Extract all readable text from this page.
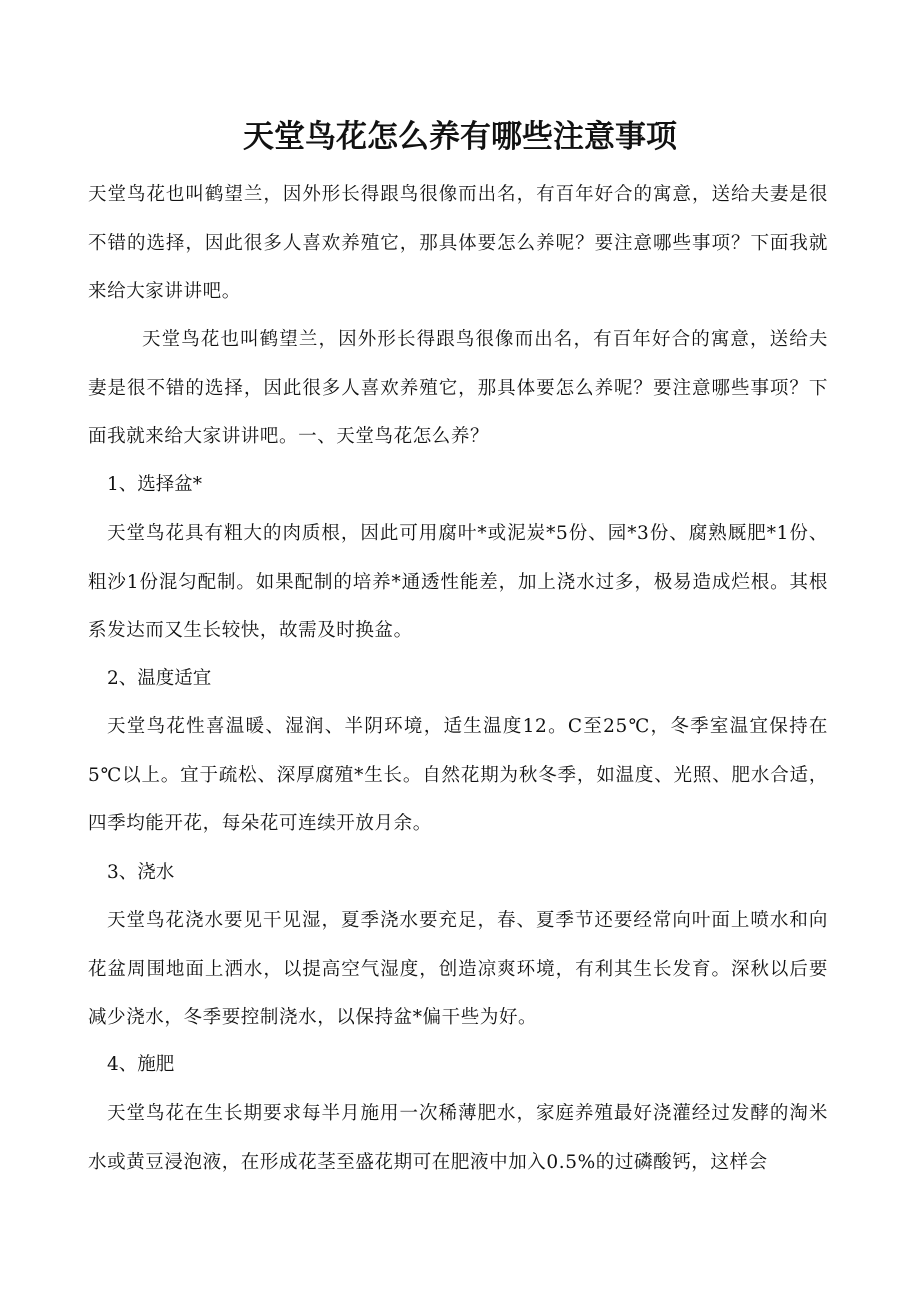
天堂鸟花怎么养有哪些注意事项
天堂鸟花也叫鹤望兰，因外形长得跟鸟很像而出名，有百年好合的寓意，送给夫妻是很不错的选择，因此很多人喜欢养殖它，那具体要怎么养呢？要注意哪些事项？下面我就来给大家讲讲吧。
天堂鸟花也叫鹤望兰，因外形长得跟鸟很像而出名，有百年好合的寓意，送给夫妻是很不错的选择，因此很多人喜欢养殖它，那具体要怎么养呢？要注意哪些事项？下面我就来给大家讲讲吧。一、天堂鸟花怎么养？
1、选择盆*
天堂鸟花具有粗大的肉质根，因此可用腐叶*或泥炭*5份、园*3份、腐熟厩肥*1份、粗沙1份混匀配制。如果配制的培养*通透性能差，加上浇水过多，极易造成烂根。其根系发达而又生长较快，故需及时换盆。
2、温度适宜
天堂鸟花性喜温暖、湿润、半阴环境，适生温度12。C至25℃，冬季室温宜保持在5℃以上。宜于疏松、深厚腐殖*生长。自然花期为秋冬季，如温度、光照、肥水合适，四季均能开花，每朵花可连续开放月余。
3、浇水
天堂鸟花浇水要见干见湿，夏季浇水要充足，春、夏季节还要经常向叶面上喷水和向花盆周围地面上洒水，以提高空气湿度，创造凉爽环境，有利其生长发育。深秋以后要减少浇水，冬季要控制浇水，以保持盆*偏干些为好。
4、施肥
天堂鸟花在生长期要求每半月施用一次稀薄肥水，家庭养殖最好浇灌经过发酵的淘米水或黄豆浸泡液，在形成花茎至盛花期可在肥液中加入0.5%的过磷酸钙，这样会
